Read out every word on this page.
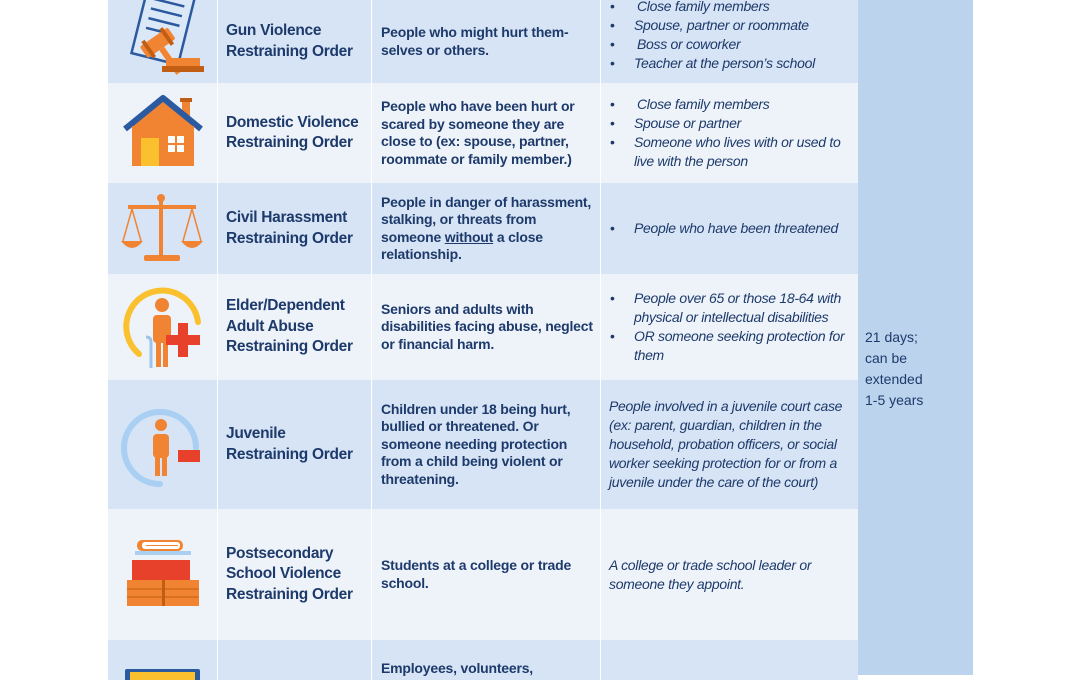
Gun Violence Restraining Order
People who might hurt them-selves or others.
• Close family members
• Spouse, partner or roommate
• Boss or coworker
• Teacher at the person’s school
Domestic Violence Restraining Order
People who have been hurt or scared by someone they are close to (ex: spouse, partner, roommate or family member.)
• Close family members
• Spouse or partner
• Someone who lives with or used to live with the person
Civil Harassment Restraining Order
People in danger of harassment, stalking, or threats from someone without a close relationship.
• People who have been threatened
Elder/Dependent Adult Abuse Restraining Order
Seniors and adults with disabilities facing abuse, neglect or financial harm.
• People over 65 or those 18-64 with physical or intellectual disabilities
• OR someone seeking protection for them
Juvenile Restraining Order
Children under 18 being hurt, bullied or threatened. Or someone needing protection from a child being violent or threatening.
People involved in a juvenile court case (ex: parent, guardian, children in the household, probation officers, or social worker seeking protection for or from a juvenile under the care of the court)
Postsecondary School Violence Restraining Order
Students at a college or trade school.
A college or trade school leader or someone they appoint.
Employees, volunteers,
21 days;
can be
extended
1-5 years
